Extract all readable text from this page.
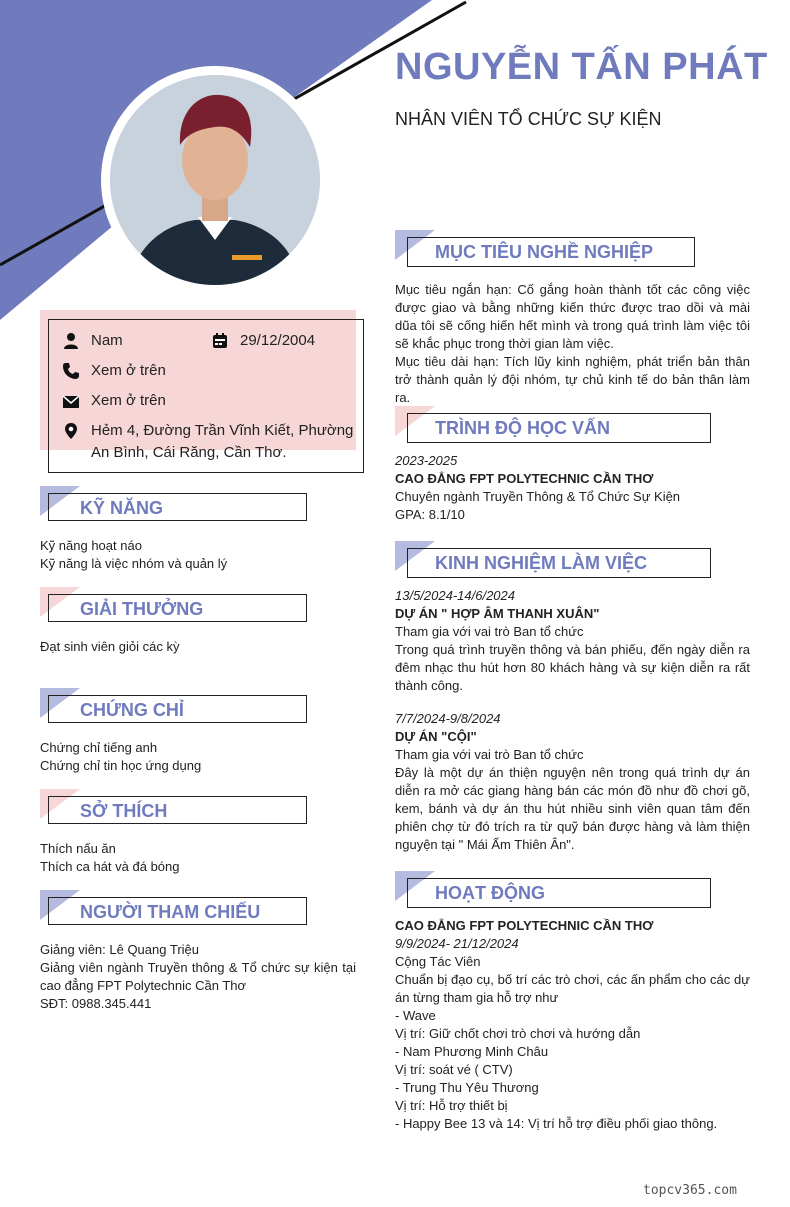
NGUYỄN TẤN PHÁT
NHÂN VIÊN TỔ CHỨC SỰ KIỆN
Nam	29/12/2004
Xem ở trên
Xem ở trên
Hẻm 4, Đường Trần Vĩnh Kiết, Phường An Bình, Cái Răng, Cần Thơ.
KỸ NĂNG

Kỹ năng hoạt náo

Kỹ năng là việc nhóm và quản lý

GIẢI THƯỞNG

Đạt sinh viên giỏi các kỳ

CHỨNG CHỈ

Chứng chỉ tiếng anh

Chứng chỉ tin học ứng dụng

SỞ THÍCH

Thích nấu ăn

Thích ca hát và đá bóng

NGƯỜI THAM CHIẾU

Giảng viên: Lê Quang Triệu

Giảng viên ngành Truyền thông & Tổ chức sự kiện tại cao đẳng FPT Polytechnic Cần Thơ

SĐT: 0988.345.441

MỤC TIÊU NGHỀ NGHIỆP

Mục tiêu ngắn hạn: Cố gắng hoàn thành tốt các công việc được giao và bằng những kiến thức được trao dồi và mài dũa tôi sẽ cống hiến hết mình và trong quá trình làm việc tôi sẽ khắc phục trong thời gian làm việc.

Mục tiêu dài hạn: Tích lũy kinh nghiệm, phát triển bản thân trở thành quản lý đội nhóm, tự chủ kinh tế do bản thân làm ra.

TRÌNH ĐỘ HỌC VẤN

2023-2025

CAO ĐẲNG FPT POLYTECHNIC CẦN THƠ

Chuyên ngành Truyền Thông & Tổ Chức Sự Kiện

GPA: 8.1/10

KINH NGHIỆM LÀM VIỆC

13/5/2024-14/6/2024

DỰ ÁN " HỢP ÂM THANH XUÂN"

Tham gia với vai trò Ban tổ chức

Trong quá trình truyền thông và bán phiếu, đến ngày diễn ra đêm nhạc thu hút hơn 80 khách hàng và sự kiện diễn ra rất thành công.

7/7/2024-9/8/2024

DỰ ÁN "CỘI"

Tham gia với vai trò Ban tổ chức

Đây là một dự án thiện nguyện nên trong quá trình dự án diễn ra mở các giang hàng bán các món đồ như đồ chơi gõ, kem, bánh và dự án thu hút nhiều sinh viên quan tâm đến phiên chợ từ đó trích ra từ quỹ bán được hàng và làm thiện nguyện tại " Mái Ấm Thiên Ân".

HOẠT ĐỘNG

CAO ĐẲNG FPT POLYTECHNIC CẦN THƠ

9/9/2024- 21/12/2024

Cộng Tác Viên

Chuẩn bị đạo cụ, bố trí các trò chơi, các ấn phẩm cho các dự án từng tham gia hỗ trợ như

- Wave

Vị trí: Giữ chốt chơi trò chơi và hướng dẫn

- Nam Phương Minh Châu

Vị trí: soát vé ( CTV)

- Trung Thu Yêu Thương

Vị trí: Hỗ trợ thiết bị

- Happy Bee 13 và 14: Vị trí hỗ trợ điều phối giao thông.

topcv365.com
